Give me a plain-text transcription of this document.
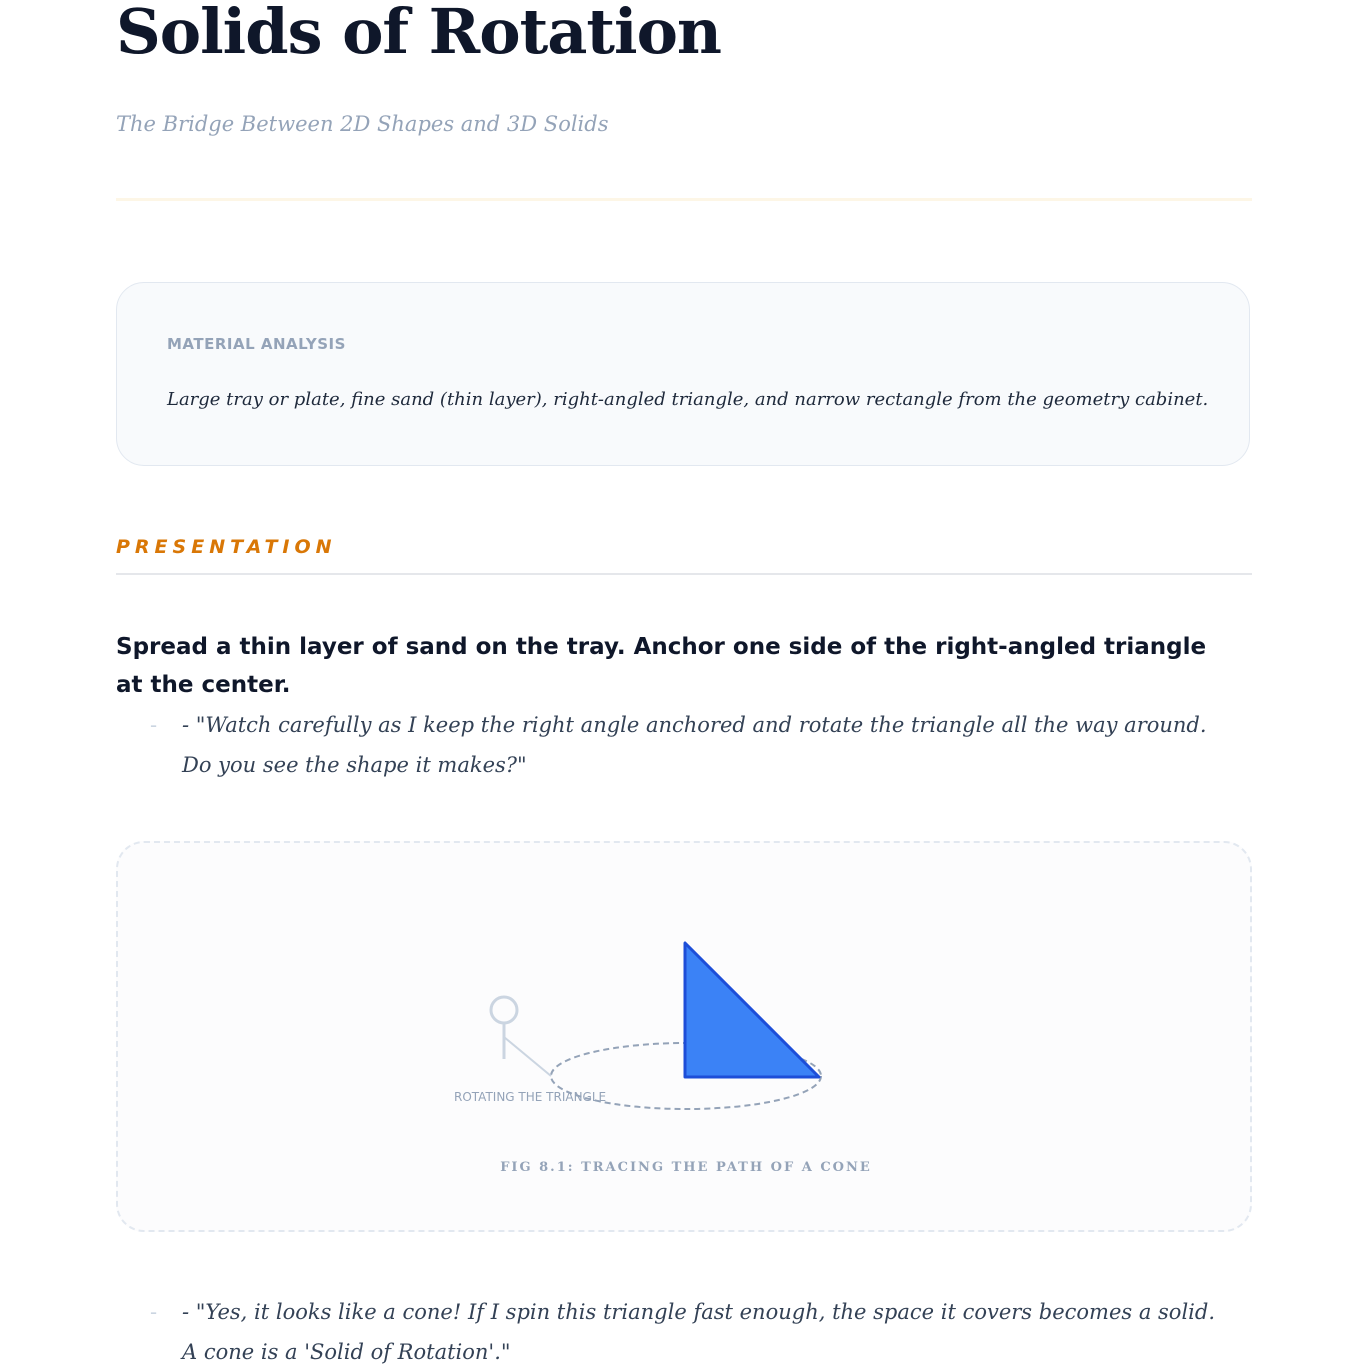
Solids of Rotation

The Bridge Between 2D Shapes and 3D Solids

MATERIAL ANALYSIS
Large tray or plate, fine sand (thin layer), right-angled triangle, and narrow rectangle from the geometry cabinet.
PRESENTATION

Spread a thin layer of sand on the tray. Anchor one side of the right-angled triangle at the center.

- - "Watch carefully as I keep the right angle anchored and rotate the triangle all the way around. Do you see the shape it makes?"
ROTATING THE TRIANGLE
FIG 8.1: TRACING THE PATH OF A CONE
- - "Yes, it looks like a cone! If I spin this triangle fast enough, the space it covers becomes a solid. A cone is a 'Solid of Rotation'."
